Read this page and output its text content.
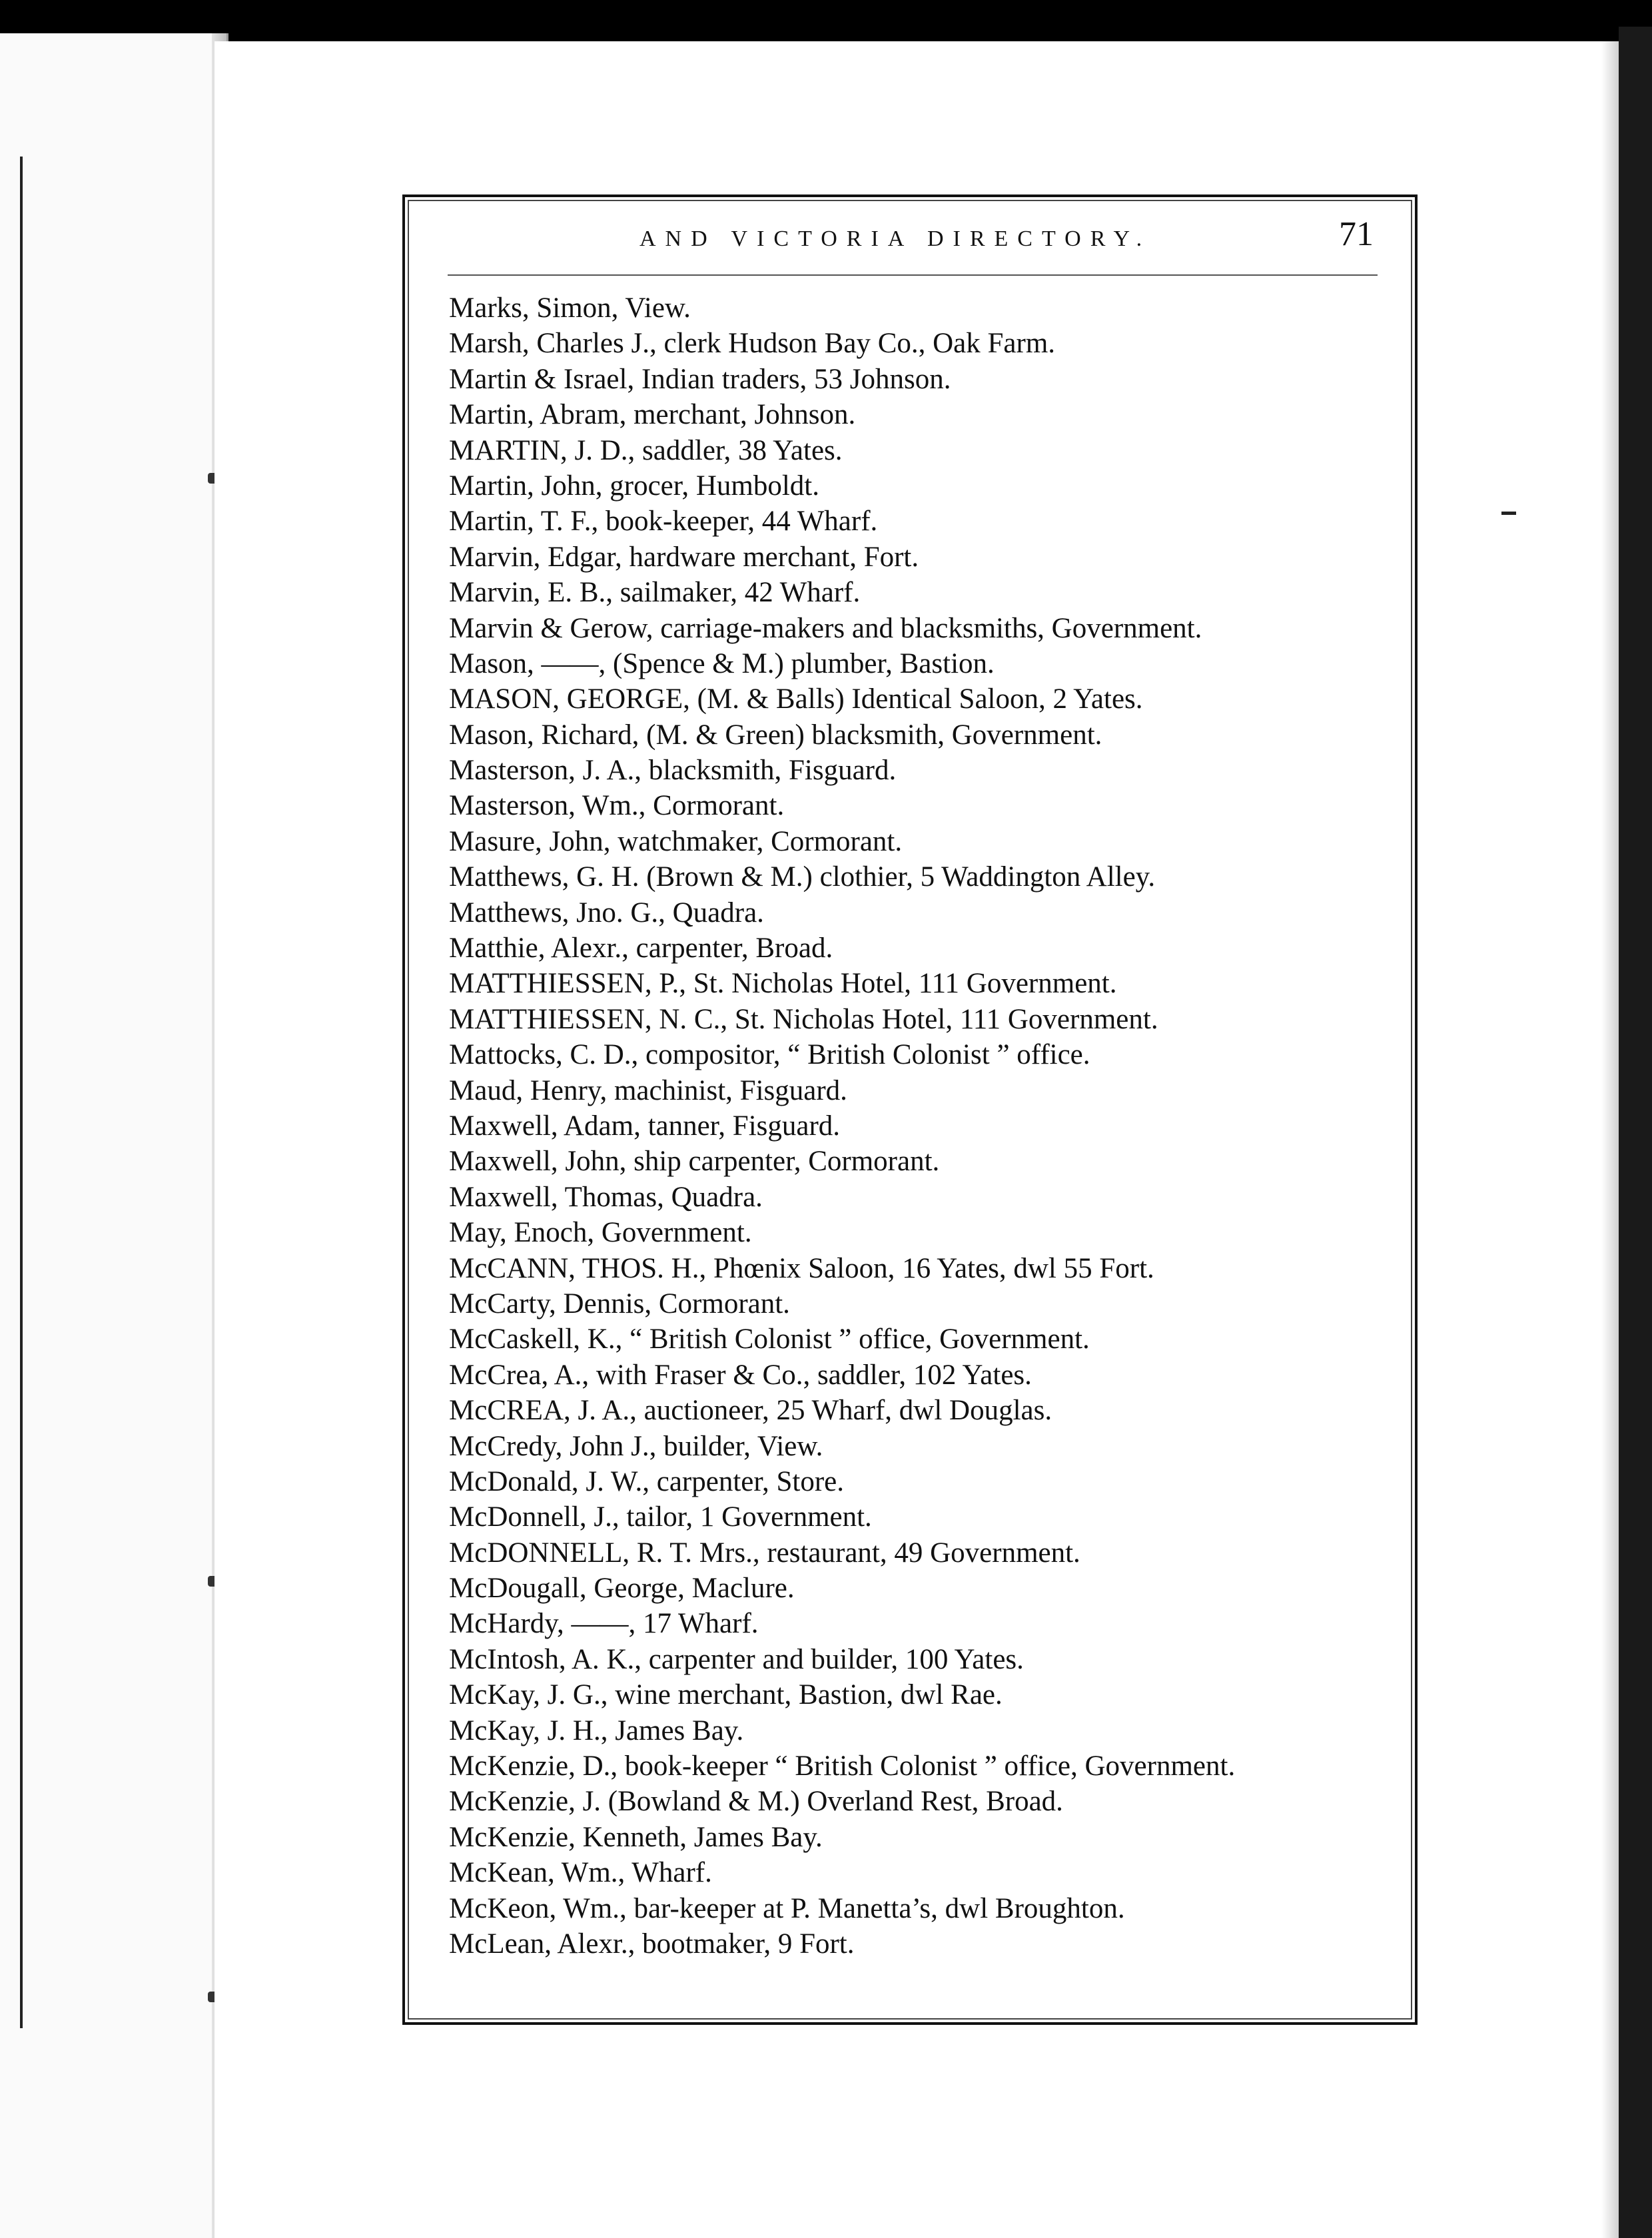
AND VICTORIA DIRECTORY.	71
Marks, Simon, View.
Marsh, Charles J., clerk Hudson Bay Co., Oak Farm.
Martin & Israel, Indian traders, 53 Johnson.
Martin, Abram, merchant, Johnson.
MARTIN, J. D., saddler, 38 Yates.
Martin, John, grocer, Humboldt.
Martin, T. F., book-keeper, 44 Wharf.
Marvin, Edgar, hardware merchant, Fort.
Marvin, E. B., sailmaker, 42 Wharf.
Marvin & Gerow, carriage-makers and blacksmiths, Government.
Mason, ——, (Spence & M.) plumber, Bastion.
MASON, GEORGE, (M. & Balls) Identical Saloon, 2 Yates.
Mason, Richard, (M. & Green) blacksmith, Government.
Masterson, J. A., blacksmith, Fisguard.
Masterson, Wm., Cormorant.
Masure, John, watchmaker, Cormorant.
Matthews, G. H. (Brown & M.) clothier, 5 Waddington Alley.
Matthews, Jno. G., Quadra.
Matthie, Alexr., carpenter, Broad.
MATTHIESSEN, P., St. Nicholas Hotel, 111 Government.
MATTHIESSEN, N. C., St. Nicholas Hotel, 111 Government.
Mattocks, C. D., compositor, “ British Colonist ” office.
Maud, Henry, machinist, Fisguard.
Maxwell, Adam, tanner, Fisguard.
Maxwell, John, ship carpenter, Cormorant.
Maxwell, Thomas, Quadra.
May, Enoch, Government.
McCANN, THOS. H., Phœnix Saloon, 16 Yates, dwl 55 Fort.
McCarty, Dennis, Cormorant.
McCaskell, K., “ British Colonist ” office, Government.
McCrea, A., with Fraser & Co., saddler, 102 Yates.
McCREA, J. A., auctioneer, 25 Wharf, dwl Douglas.
McCredy, John J., builder, View.
McDonald, J. W., carpenter, Store.
McDonnell, J., tailor, 1 Government.
McDONNELL, R. T. Mrs., restaurant, 49 Government.
McDougall, George, Maclure.
McHardy, ——, 17 Wharf.
McIntosh, A. K., carpenter and builder, 100 Yates.
McKay, J. G., wine merchant, Bastion, dwl Rae.
McKay, J. H., James Bay.
McKenzie, D., book-keeper “ British Colonist ” office, Government.
McKenzie, J. (Bowland & M.) Overland Rest, Broad.
McKenzie, Kenneth, James Bay.
McKean, Wm., Wharf.
McKeon, Wm., bar-keeper at P. Manetta’s, dwl Broughton.
McLean, Alexr., bootmaker, 9 Fort.
